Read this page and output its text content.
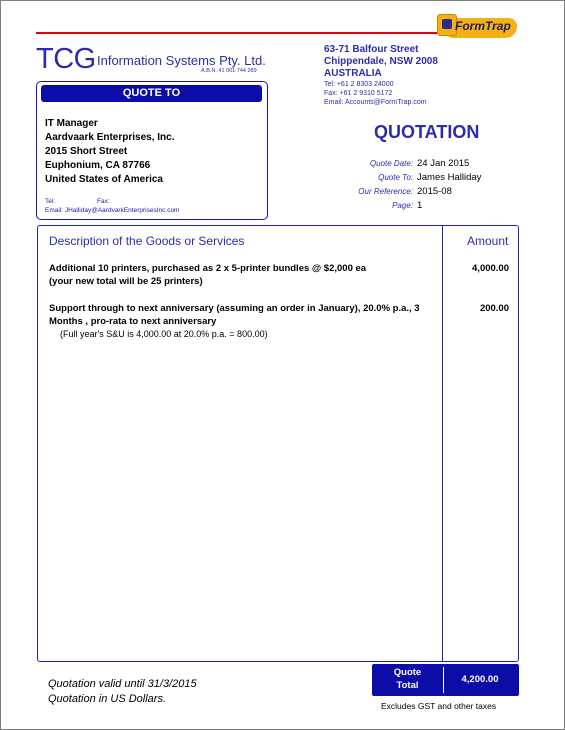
FormTrap
TCG Information Systems Pty. Ltd.
A.B.N. 41 001 744 289
63-71 Balfour Street
Chippendale, NSW 2008
AUSTRALIA
Tel: +61 2 8303 24000
Fax: +61 2 9310 5172
Email: Accounts@FormTrap.com
QUOTE TO
IT Manager
Aardvaark Enterprises, Inc.
2015 Short Street
Euphonium, CA 87766
United States of America
Tel:	Fax:
Email: JHalliday@AardvarkEnterprisesInc.com
QUOTATION
Quote Date: 24 Jan 2015
Quote To: James Halliday
Our Reference: 2015-08
Page: 1
Description of the Goods or Services	Amount
Additional 10 printers, purchased as 2 x 5-printer bundles @ $2,000 ea
(your new total will be 25 printers)
4,000.00
Support through to next anniversary (assuming an order in January), 20.0% p.a., 3
Months , pro-rata to next anniversary
(Full year's S&U is 4,000.00 at 20.0% p.a. = 800.00)
200.00
Quotation valid until 31/3/2015
Quotation in US Dollars.
Quote
Total
4,200.00
Excludes GST and other taxes
